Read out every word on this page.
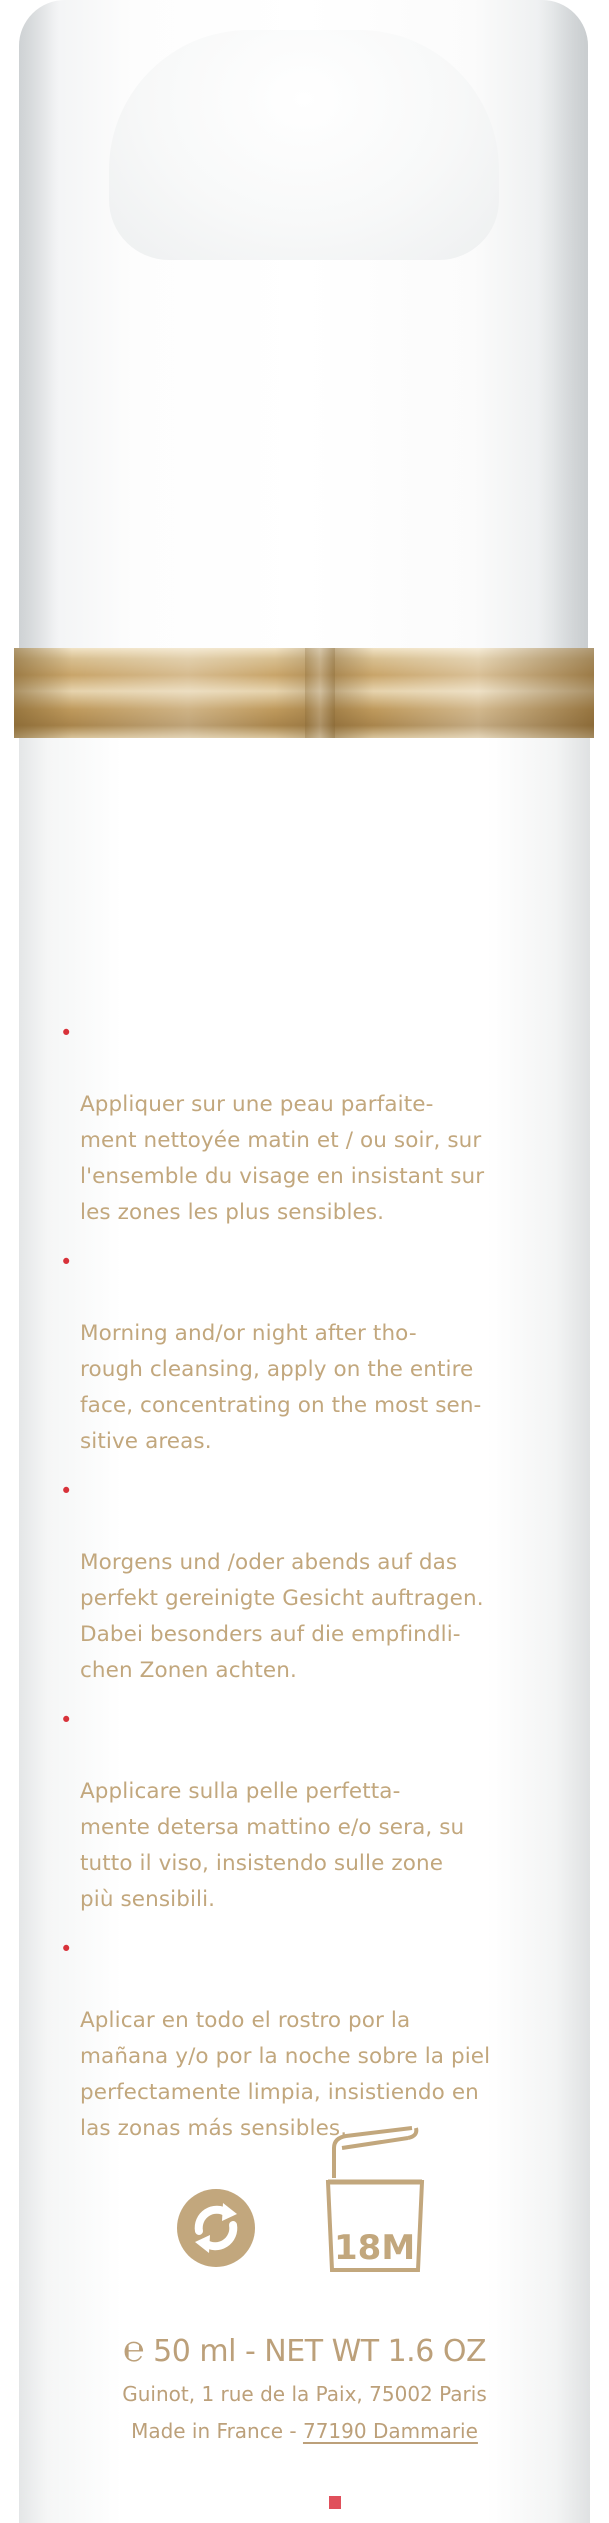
•

Appliquer sur une peau parfaite-
ment nettoyée matin et / ou soir, sur
l'ensemble du visage en insistant sur
les zones les plus sensibles.

•

Morning and/or night after tho-
rough cleansing, apply on the entire
face, concentrating on the most sen-
sitive areas.

•

Morgens und /oder abends auf das
perfekt gereinigte Gesicht auftragen.
Dabei besonders auf die empfindli-
chen Zonen achten.

•

Applicare sulla pelle perfetta-
mente detersa mattino e/o sera, su
tutto il viso, insistendo sulle zone
più sensibili.

•

Aplicar en todo el rostro por la
mañana y/o por la noche sobre la piel
perfectamente limpia, insistiendo en
las zonas más sensibles.

18M
℮ 50 ml - NET WT 1.6 OZ
Guinot, 1 rue de la Paix, 75002 Paris
Made in France - 77190 Dammarie
